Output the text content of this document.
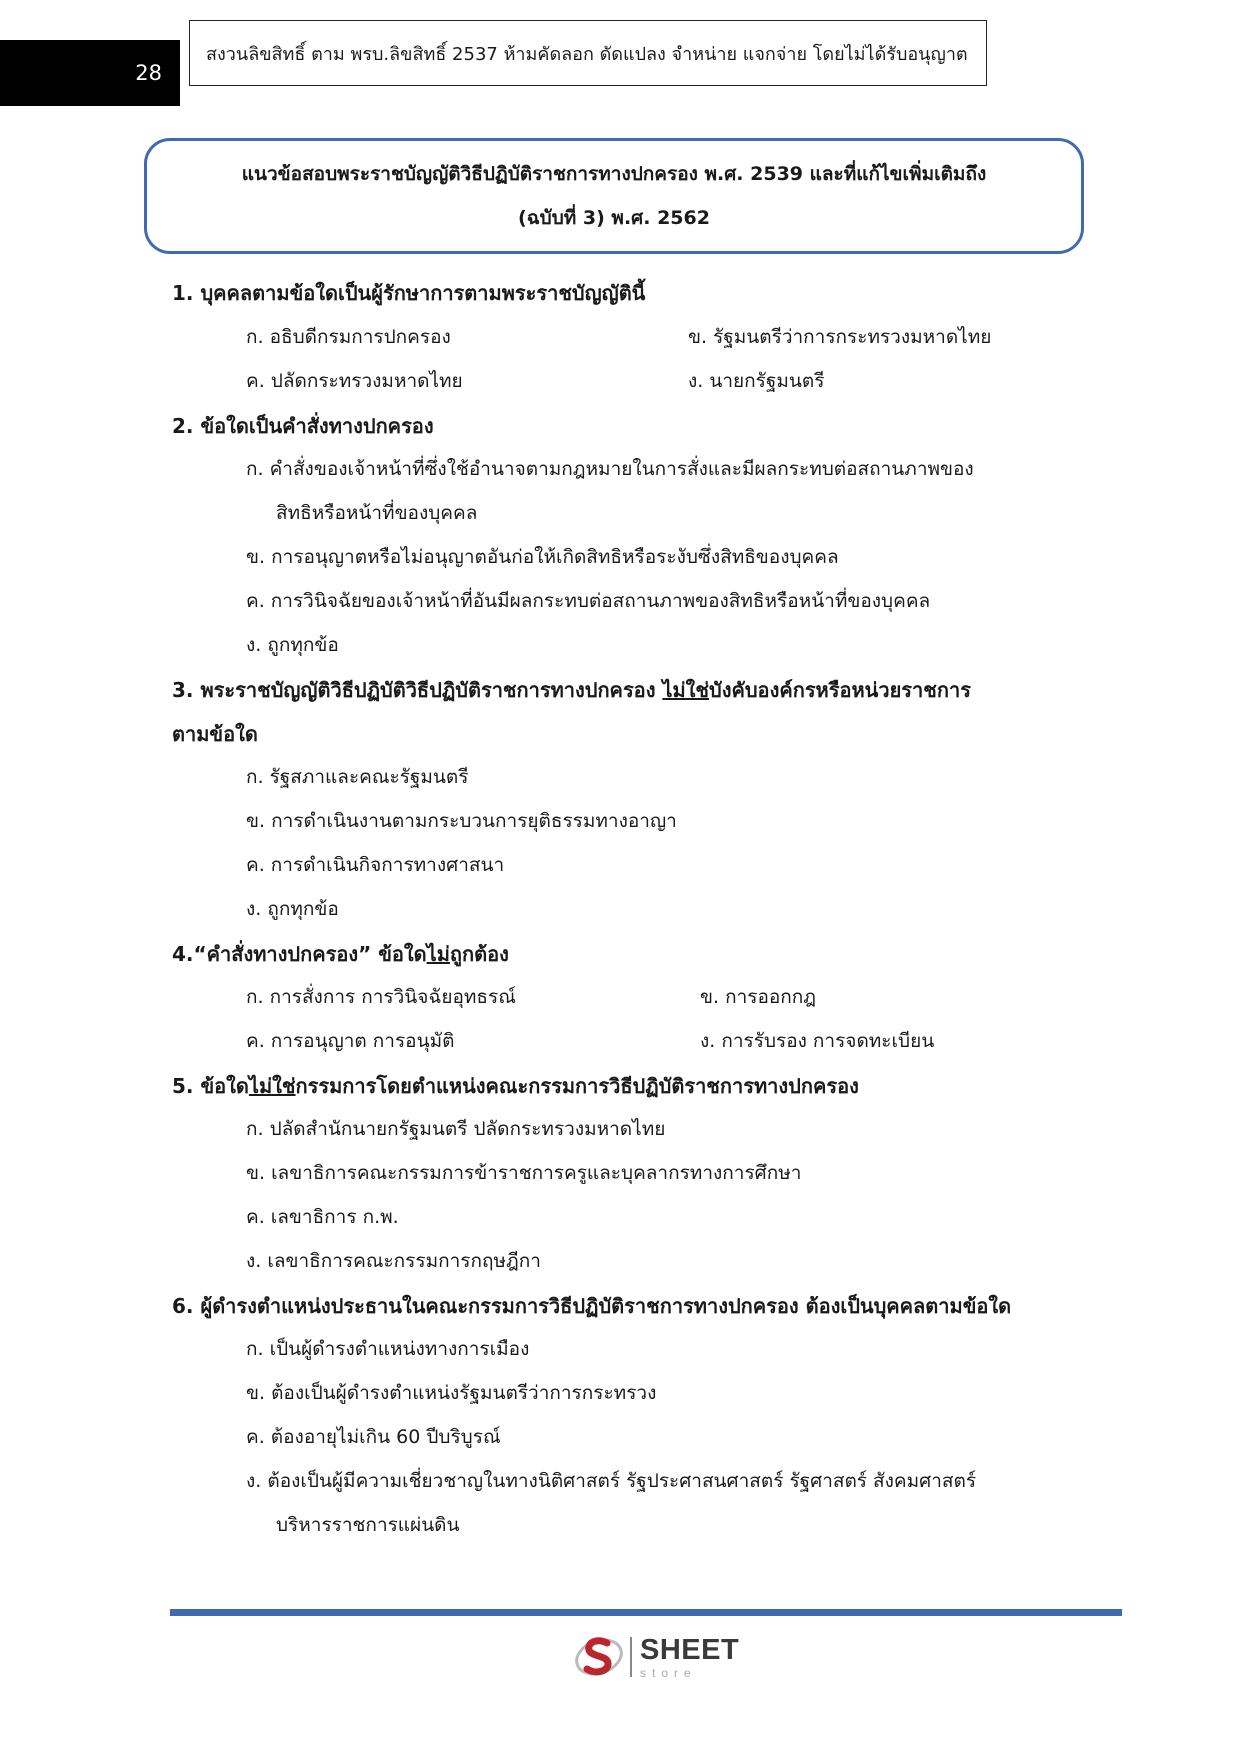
28
สงวนลิขสิทธิ์ ตาม พรบ.ลิขสิทธิ์ 2537 ห้ามคัดลอก ดัดแปลง จำหน่าย แจกจ่าย โดยไม่ได้รับอนุญาต
แนวข้อสอบพระราชบัญญัติวิธีปฏิบัติราชการทางปกครอง พ.ศ. 2539 และที่แก้ไขเพิ่มเติมถึง
(ฉบับที่ 3) พ.ศ. 2562
1. บุคคลตามข้อใดเป็นผู้รักษาการตามพระราชบัญญัตินี้
ก. อธิบดีกรมการปกครอง	ข. รัฐมนตรีว่าการกระทรวงมหาดไทย
ค. ปลัดกระทรวงมหาดไทย	ง. นายกรัฐมนตรี
2. ข้อใดเป็นคำสั่งทางปกครอง
ก. คำสั่งของเจ้าหน้าที่ซึ่งใช้อำนาจตามกฎหมายในการสั่งและมีผลกระทบต่อสถานภาพของ
สิทธิหรือหน้าที่ของบุคคล
ข. การอนุญาตหรือไม่อนุญาตอันก่อให้เกิดสิทธิหรือระงับซึ่งสิทธิของบุคคล
ค. การวินิจฉัยของเจ้าหน้าที่อันมีผลกระทบต่อสถานภาพของสิทธิหรือหน้าที่ของบุคคล
ง. ถูกทุกข้อ
3. พระราชบัญญัติวิธีปฏิบัติวิธีปฏิบัติราชการทางปกครอง ไม่ใช่บังคับองค์กรหรือหน่วยราชการ
ตามข้อใด
ก. รัฐสภาและคณะรัฐมนตรี
ข. การดำเนินงานตามกระบวนการยุติธรรมทางอาญา
ค. การดำเนินกิจการทางศาสนา
ง. ถูกทุกข้อ
4.“คำสั่งทางปกครอง” ข้อใดไม่ถูกต้อง
ก. การสั่งการ การวินิจฉัยอุทธรณ์	ข. การออกกฎ
ค. การอนุญาต การอนุมัติ	ง. การรับรอง การจดทะเบียน
5. ข้อใดไม่ใช่กรรมการโดยตำแหน่งคณะกรรมการวิธีปฏิบัติราชการทางปกครอง
ก. ปลัดสำนักนายกรัฐมนตรี ปลัดกระทรวงมหาดไทย
ข. เลขาธิการคณะกรรมการข้าราชการครูและบุคลากรทางการศึกษา
ค. เลขาธิการ ก.พ.
ง. เลขาธิการคณะกรรมการกฤษฎีกา
6. ผู้ดำรงตำแหน่งประธานในคณะกรรมการวิธีปฏิบัติราชการทางปกครอง ต้องเป็นบุคคลตามข้อใด
ก. เป็นผู้ดำรงตำแหน่งทางการเมือง
ข. ต้องเป็นผู้ดำรงตำแหน่งรัฐมนตรีว่าการกระทรวง
ค. ต้องอายุไม่เกิน 60 ปีบริบูรณ์
ง. ต้องเป็นผู้มีความเชี่ยวชาญในทางนิติศาสตร์ รัฐประศาสนศาสตร์ รัฐศาสตร์ สังคมศาสตร์
บริหารราชการแผ่นดิน
SHEET
store
